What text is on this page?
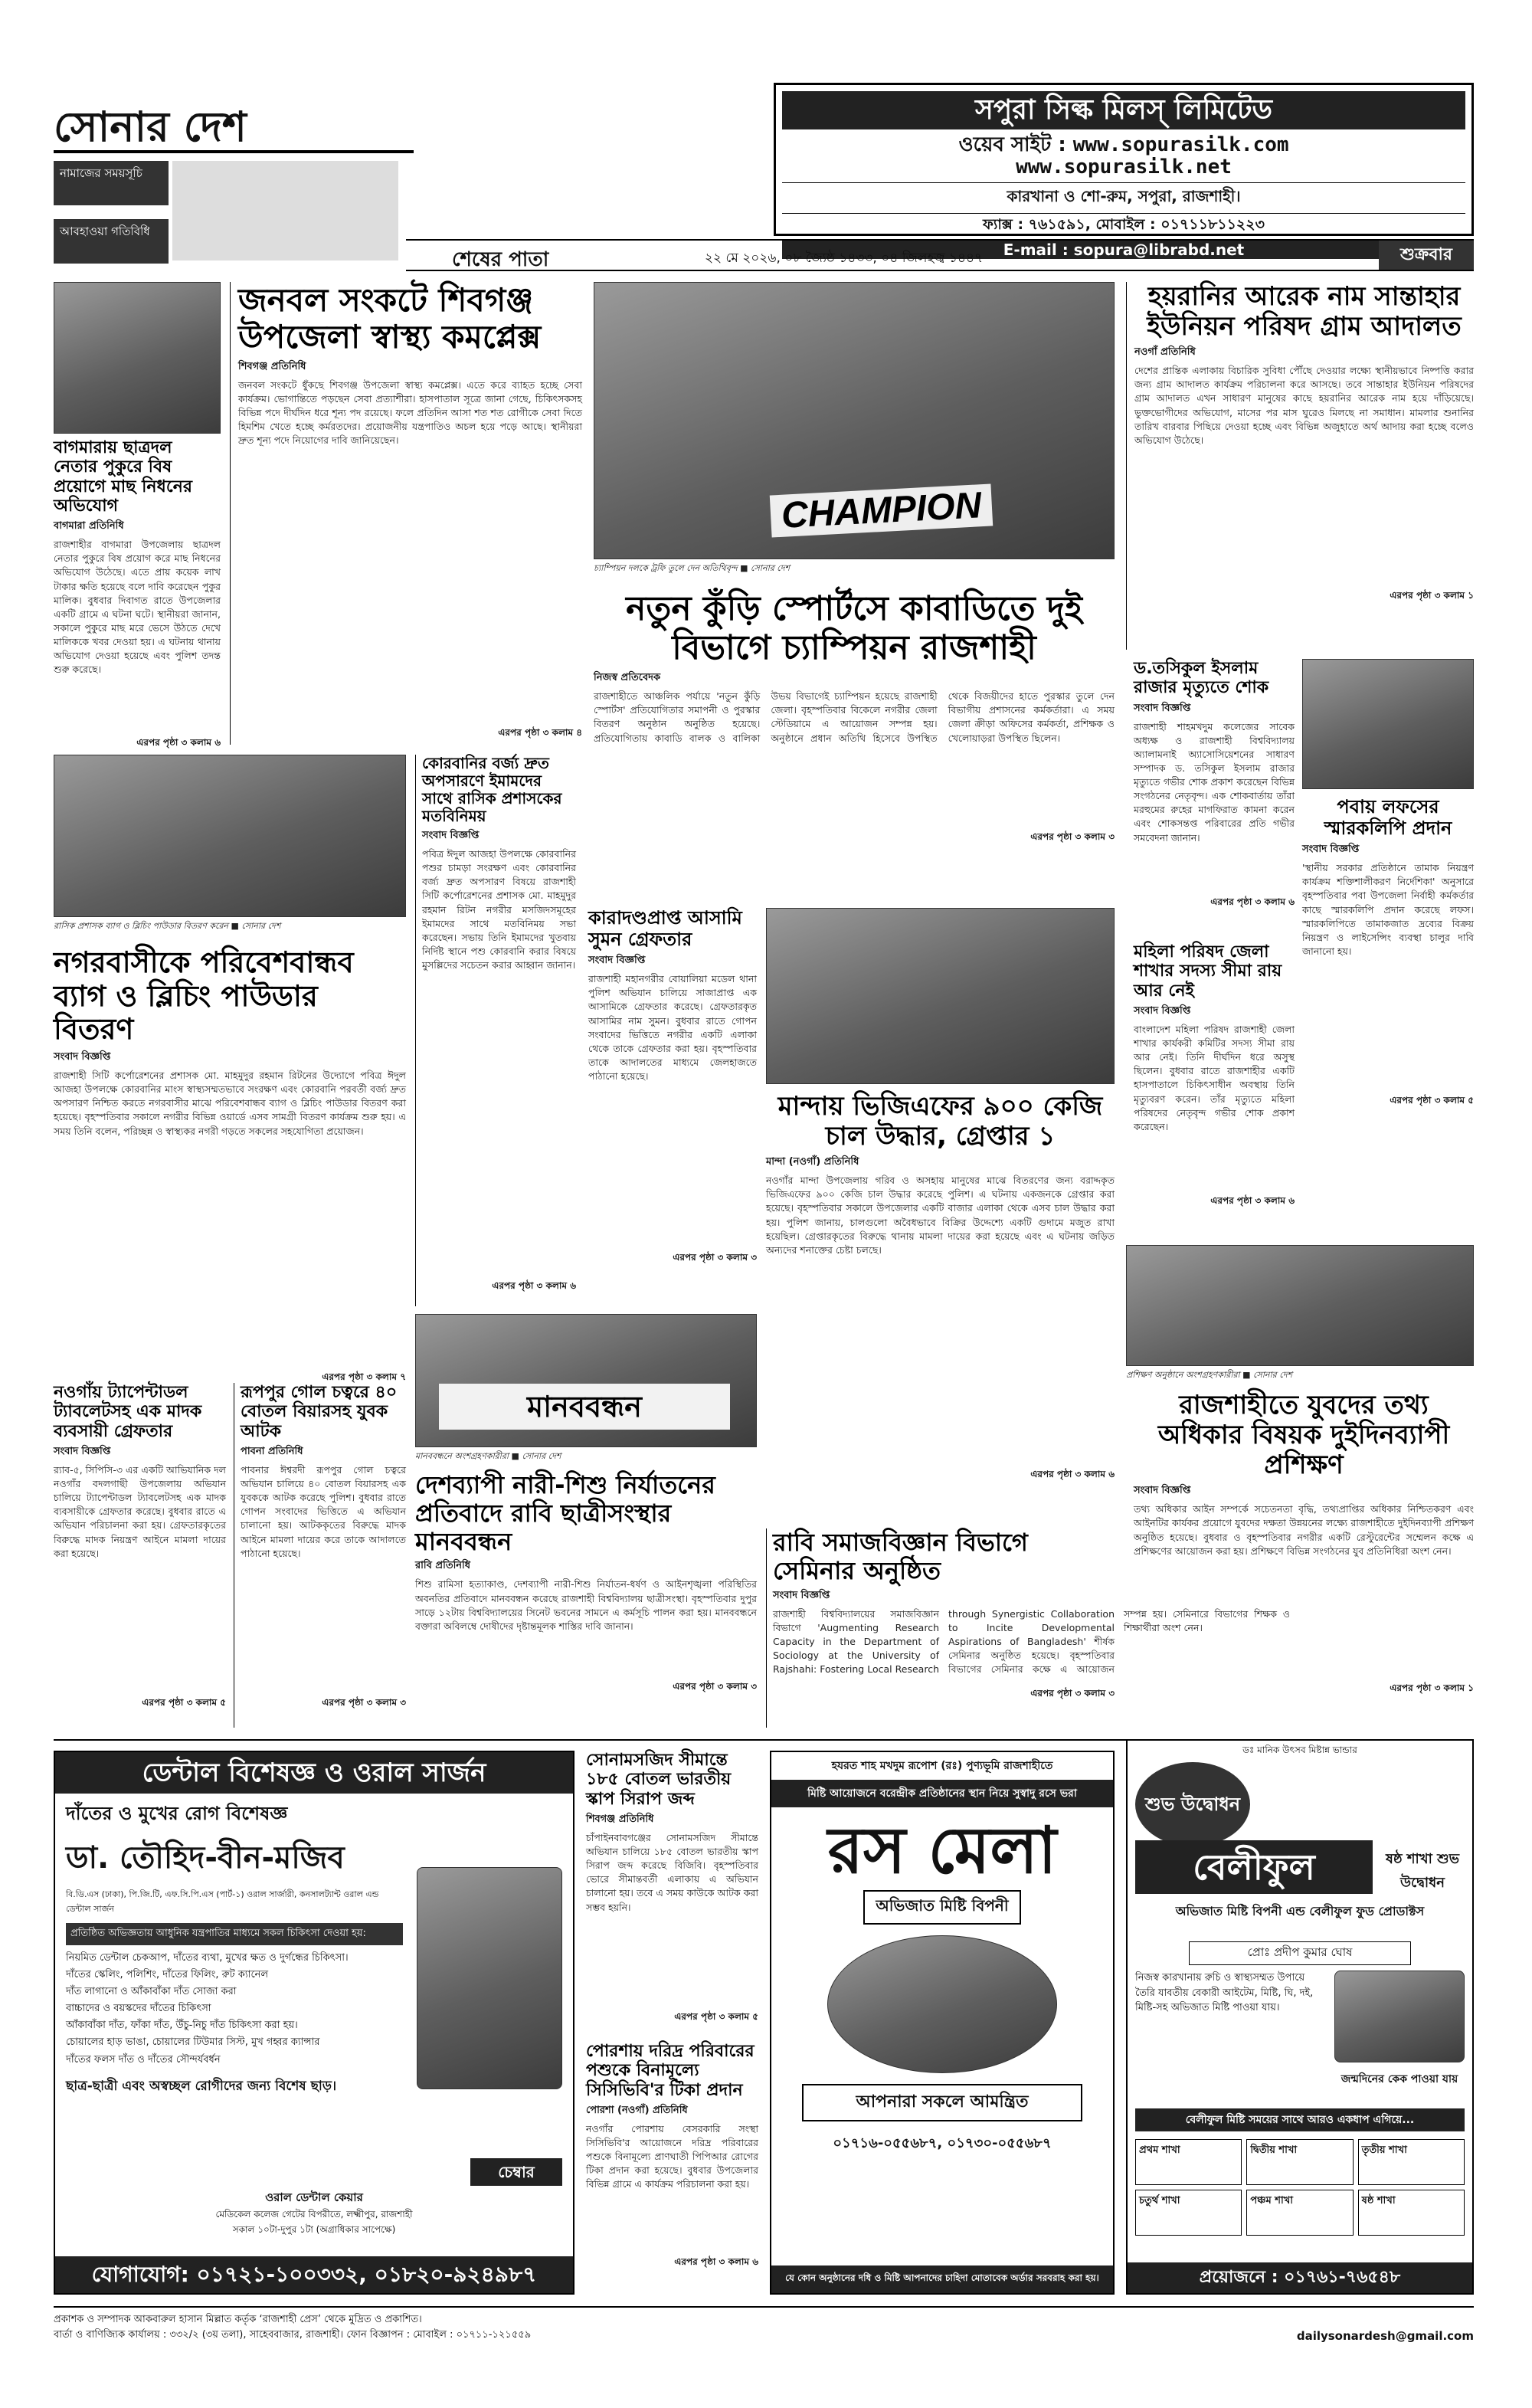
সোনার দেশ
নামাজের সময়সূচি
আবহাওয়া গতিবিধি
সপুরা সিল্ক মিলস্ লিমিটেড
ওয়েব সাইট : www.sopurasilk.com
www.sopurasilk.net
কারখানা ও শো-রুম, সপুরা, রাজশাহী।
ফ্যাক্স : ৭৬১৫৯১, মোবাইল : ০১৭১১৮১১২২৩
E-mail : sopura@librabd.net
শেষের পাতা	২২ মে ২০২৬, ০৮ জ্যৈষ্ঠ ১৪৩৩, ০৪ জিলহজ্ব ১৪৪৭	শুক্রবার
বাগমারায় ছাত্রদল নেতার পুকুরে বিষ প্রয়োগে মাছ নিধনের অভিযোগ
বাগমারা প্রতিনিধি
রাজশাহীর বাগমারা উপজেলায় ছাত্রদল নেতার পুকুরে বিষ প্রয়োগ করে মাছ নিধনের অভিযোগ উঠেছে। এতে প্রায় কয়েক লাখ টাকার ক্ষতি হয়েছে বলে দাবি করেছেন পুকুর মালিক। বুধবার দিবাগত রাতে উপজেলার একটি গ্রামে এ ঘটনা ঘটে। স্থানীয়রা জানান, সকালে পুকুরে মাছ মরে ভেসে উঠতে দেখে মালিককে খবর দেওয়া হয়। এ ঘটনায় থানায় অভিযোগ দেওয়া হয়েছে এবং পুলিশ তদন্ত শুরু করেছে।
এরপর পৃষ্ঠা ৩ কলাম ৬
জনবল সংকটে শিবগঞ্জ উপজেলা স্বাস্থ্য কমপ্লেক্স
শিবগঞ্জ প্রতিনিধি
জনবল সংকটে ধুঁকছে শিবগঞ্জ উপজেলা স্বাস্থ্য কমপ্লেক্স। এতে করে ব্যাহত হচ্ছে সেবা কার্যক্রম। ভোগান্তিতে পড়ছেন সেবা প্রত্যাশীরা। হাসপাতাল সূত্রে জানা গেছে, চিকিৎসকসহ বিভিন্ন পদে দীর্ঘদিন ধরে শূন্য পদ রয়েছে। ফলে প্রতিদিন আসা শত শত রোগীকে সেবা দিতে হিমশিম খেতে হচ্ছে কর্মরতদের। প্রয়োজনীয় যন্ত্রপাতিও অচল হয়ে পড়ে আছে। স্থানীয়রা দ্রুত শূন্য পদে নিয়োগের দাবি জানিয়েছেন।
এরপর পৃষ্ঠা ৩ কলাম ৪
CHAMPION
চ্যাম্পিয়ন দলকে ট্রফি তুলে দেন অতিথিবৃন্দ ■ সোনার দেশ
নতুন কুঁড়ি স্পোর্টসে কাবাডিতে দুই বিভাগে চ্যাম্পিয়ন রাজশাহী
নিজস্ব প্রতিবেদক
রাজশাহীতে আঞ্চলিক পর্যায়ে 'নতুন কুঁড়ি স্পোর্টস' প্রতিযোগিতার সমাপনী ও পুরস্কার বিতরণ অনুষ্ঠান অনুষ্ঠিত হয়েছে। প্রতিযোগিতায় কাবাডি বালক ও বালিকা উভয় বিভাগেই চ্যাম্পিয়ন হয়েছে রাজশাহী জেলা। বৃহস্পতিবার বিকেলে নগরীর জেলা স্টেডিয়ামে এ আয়োজন সম্পন্ন হয়। অনুষ্ঠানে প্রধান অতিথি হিসেবে উপস্থিত থেকে বিজয়ীদের হাতে পুরস্কার তুলে দেন বিভাগীয় প্রশাসনের কর্মকর্তারা। এ সময় জেলা ক্রীড়া অফিসের কর্মকর্তা, প্রশিক্ষক ও খেলোয়াড়রা উপস্থিত ছিলেন।
এরপর পৃষ্ঠা ৩ কলাম ৩
হয়রানির আরেক নাম সান্তাহার ইউনিয়ন পরিষদ গ্রাম আদালত
নওগাঁ প্রতিনিধি
দেশের প্রান্তিক এলাকায় বিচারিক সুবিধা পৌঁছে দেওয়ার লক্ষ্যে স্থানীয়ভাবে নিষ্পত্তি করার জন্য গ্রাম আদালত কার্যক্রম পরিচালনা করে আসছে। তবে সান্তাহার ইউনিয়ন পরিষদের গ্রাম আদালত এখন সাধারণ মানুষের কাছে হয়রানির আরেক নাম হয়ে দাঁড়িয়েছে। ভুক্তভোগীদের অভিযোগ, মাসের পর মাস ঘুরেও মিলছে না সমাধান। মামলার শুনানির তারিখ বারবার পিছিয়ে দেওয়া হচ্ছে এবং বিভিন্ন অজুহাতে অর্থ আদায় করা হচ্ছে বলেও অভিযোগ উঠেছে।
এরপর পৃষ্ঠা ৩ কলাম ১
ড.তসিকুল ইসলাম রাজার মৃত্যুতে শোক
সংবাদ বিজ্ঞপ্তি
রাজশাহী শাহমখদুম কলেজের সাবেক অধ্যক্ষ ও রাজশাহী বিশ্ববিদ্যালয় অ্যালামনাই অ্যাসোসিয়েশনের সাধারণ সম্পাদক ড. তসিকুল ইসলাম রাজার মৃত্যুতে গভীর শোক প্রকাশ করেছেন বিভিন্ন সংগঠনের নেতৃবৃন্দ। এক শোকবার্তায় তাঁরা মরহুমের রুহের মাগফিরাত কামনা করেন এবং শোকসন্তপ্ত পরিবারের প্রতি গভীর সমবেদনা জানান।
এরপর পৃষ্ঠা ৩ কলাম ৬
পবায় লফসের স্মারকলিপি প্রদান
সংবাদ বিজ্ঞপ্তি
'স্থানীয় সরকার প্রতিষ্ঠানে তামাক নিয়ন্ত্রণ কার্যক্রম শক্তিশালীকরণ নির্দেশিকা' অনুসারে বৃহস্পতিবার পবা উপজেলা নির্বাহী কর্মকর্তার কাছে স্মারকলিপি প্রদান করেছে লফস। স্মারকলিপিতে তামাকজাত দ্রব্যের বিক্রয় নিয়ন্ত্রণ ও লাইসেন্সিং ব্যবস্থা চালুর দাবি জানানো হয়।
এরপর পৃষ্ঠা ৩ কলাম ৫
মহিলা পরিষদ জেলা শাখার সদস্য সীমা রায় আর নেই
সংবাদ বিজ্ঞপ্তি
বাংলাদেশ মহিলা পরিষদ রাজশাহী জেলা শাখার কার্যকরী কমিটির সদস্য সীমা রায় আর নেই। তিনি দীর্ঘদিন ধরে অসুস্থ ছিলেন। বুধবার রাতে রাজশাহীর একটি হাসপাতালে চিকিৎসাধীন অবস্থায় তিনি মৃত্যুবরণ করেন। তাঁর মৃত্যুতে মহিলা পরিষদের নেতৃবৃন্দ গভীর শোক প্রকাশ করেছেন।
এরপর পৃষ্ঠা ৩ কলাম ৬
প্রশিক্ষণ অনুষ্ঠানে অংশগ্রহণকারীরা ■ সোনার দেশ
রাজশাহীতে যুবদের তথ্য অধিকার বিষয়ক দুইদিনব্যাপী প্রশিক্ষণ
সংবাদ বিজ্ঞপ্তি
তথ্য অধিকার আইন সম্পর্কে সচেতনতা বৃদ্ধি, তথ্যপ্রাপ্তির অধিকার নিশ্চিতকরণ এবং আইনটির কার্যকর প্রয়োগে যুবদের দক্ষতা উন্নয়নের লক্ষ্যে রাজশাহীতে দুইদিনব্যাপী প্রশিক্ষণ অনুষ্ঠিত হয়েছে। বুধবার ও বৃহস্পতিবার নগরীর একটি রেস্টুরেন্টের সম্মেলন কক্ষে এ প্রশিক্ষণের আয়োজন করা হয়। প্রশিক্ষণে বিভিন্ন সংগঠনের যুব প্রতিনিধিরা অংশ নেন।
এরপর পৃষ্ঠা ৩ কলাম ১
রাসিক প্রশাসক ব্যাগ ও ব্লিচিং পাউডার বিতরণ করেন ■ সোনার দেশ
নগরবাসীকে পরিবেশবান্ধব ব্যাগ ও ব্লিচিং পাউডার বিতরণ
সংবাদ বিজ্ঞপ্তি
রাজশাহী সিটি কর্পোরেশনের প্রশাসক মো. মাহমুদুর রহমান রিটনের উদ্যোগে পবিত্র ঈদুল আজহা উপলক্ষে কোরবানির মাংস স্বাস্থ্যসম্মতভাবে সংরক্ষণ এবং কোরবানি পরবর্তী বর্জ্য দ্রুত অপসারণ নিশ্চিত করতে নগরবাসীর মাঝে পরিবেশবান্ধব ব্যাগ ও ব্লিচিং পাউডার বিতরণ করা হয়েছে। বৃহস্পতিবার সকালে নগরীর বিভিন্ন ওয়ার্ডে এসব সামগ্রী বিতরণ কার্যক্রম শুরু হয়। এ সময় তিনি বলেন, পরিচ্ছন্ন ও স্বাস্থ্যকর নগরী গড়তে সকলের সহযোগিতা প্রয়োজন।
এরপর পৃষ্ঠা ৩ কলাম ৭
কোরবানির বর্জ্য দ্রুত অপসারণে ইমামদের সাথে রাসিক প্রশাসকের মতবিনিময়
সংবাদ বিজ্ঞপ্তি
পবিত্র ঈদুল আজহা উপলক্ষে কোরবানির পশুর চামড়া সংরক্ষণ এবং কোরবানির বর্জ্য দ্রুত অপসারণ বিষয়ে রাজশাহী সিটি কর্পোরেশনের প্রশাসক মো. মাহমুদুর রহমান রিটন নগরীর মসজিদসমূহের ইমামদের সাথে মতবিনিময় সভা করেছেন। সভায় তিনি ইমামদের খুতবায় নির্দিষ্ট স্থানে পশু কোরবানি করার বিষয়ে মুসল্লিদের সচেতন করার আহ্বান জানান।
এরপর পৃষ্ঠা ৩ কলাম ৬
কারাদণ্ডপ্রাপ্ত আসামি সুমন গ্রেফতার
সংবাদ বিজ্ঞপ্তি
রাজশাহী মহানগরীর বোয়ালিয়া মডেল থানা পুলিশ অভিযান চালিয়ে সাজাপ্রাপ্ত এক আসামিকে গ্রেফতার করেছে। গ্রেফতারকৃত আসামির নাম সুমন। বুধবার রাতে গোপন সংবাদের ভিত্তিতে নগরীর একটি এলাকা থেকে তাকে গ্রেফতার করা হয়। বৃহস্পতিবার তাকে আদালতের মাধ্যমে জেলহাজতে পাঠানো হয়েছে।
এরপর পৃষ্ঠা ৩ কলাম ৩
মান্দায় ভিজিএফের ৯০০ কেজি চাল উদ্ধার, গ্রেপ্তার ১
মান্দা (নওগাঁ) প্রতিনিধি
নওগাঁর মান্দা উপজেলায় গরিব ও অসহায় মানুষের মাঝে বিতরণের জন্য বরাদ্দকৃত ভিজিএফের ৯০০ কেজি চাল উদ্ধার করেছে পুলিশ। এ ঘটনায় একজনকে গ্রেপ্তার করা হয়েছে। বৃহস্পতিবার সকালে উপজেলার একটি বাজার এলাকা থেকে এসব চাল উদ্ধার করা হয়। পুলিশ জানায়, চালগুলো অবৈধভাবে বিক্রির উদ্দেশ্যে একটি গুদামে মজুত রাখা হয়েছিল। গ্রেপ্তারকৃতের বিরুদ্ধে থানায় মামলা দায়ের করা হয়েছে এবং এ ঘটনায় জড়িত অন্যদের শনাক্তের চেষ্টা চলছে।
এরপর পৃষ্ঠা ৩ কলাম ৬
মানববন্ধন
মানববন্ধনে অংশগ্রহণকারীরা ■ সোনার দেশ
দেশব্যাপী নারী-শিশু নির্যাতনের প্রতিবাদে রাবি ছাত্রীসংস্থার মানববন্ধন
রাবি প্রতিনিধি
শিশু রামিসা হত্যাকাণ্ড, দেশব্যাপী নারী-শিশু নির্যাতন-ধর্ষণ ও আইনশৃঙ্খলা পরিস্থিতির অবনতির প্রতিবাদে মানববন্ধন করেছে রাজশাহী বিশ্ববিদ্যালয় ছাত্রীসংস্থা। বৃহস্পতিবার দুপুর সাড়ে ১২টায় বিশ্ববিদ্যালয়ের সিনেট ভবনের সামনে এ কর্মসূচি পালন করা হয়। মানববন্ধনে বক্তারা অবিলম্বে দোষীদের দৃষ্টান্তমূলক শাস্তির দাবি জানান।
এরপর পৃষ্ঠা ৩ কলাম ৩
নওগাঁয় ট্যাপেন্টাডল ট্যাবলেটসহ এক মাদক ব্যবসায়ী গ্রেফতার
সংবাদ বিজ্ঞপ্তি
র‍্যাব-৫, সিপিসি-৩ এর একটি আভিযানিক দল নওগাঁর বদলগাছী উপজেলায় অভিযান চালিয়ে ট্যাপেন্টাডল ট্যাবলেটসহ এক মাদক ব্যবসায়ীকে গ্রেফতার করেছে। বুধবার রাতে এ অভিযান পরিচালনা করা হয়। গ্রেফতারকৃতের বিরুদ্ধে মাদক নিয়ন্ত্রণ আইনে মামলা দায়ের করা হয়েছে।
এরপর পৃষ্ঠা ৩ কলাম ৫
রূপপুর গোল চত্বরে ৪০ বোতল বিয়ারসহ যুবক আটক
পাবনা প্রতিনিধি
পাবনার ঈশ্বরদী রূপপুর গোল চত্বরে অভিযান চালিয়ে ৪০ বোতল বিয়ারসহ এক যুবককে আটক করেছে পুলিশ। বুধবার রাতে গোপন সংবাদের ভিত্তিতে এ অভিযান চালানো হয়। আটককৃতের বিরুদ্ধে মাদক আইনে মামলা দায়ের করে তাকে আদালতে পাঠানো হয়েছে।
এরপর পৃষ্ঠা ৩ কলাম ৩
রাবি সমাজবিজ্ঞান বিভাগে সেমিনার অনুষ্ঠিত
সংবাদ বিজ্ঞপ্তি
রাজশাহী বিশ্ববিদ্যালয়ের সমাজবিজ্ঞান বিভাগে 'Augmenting Research Capacity in the Department of Sociology at the University of Rajshahi: Fostering Local Research through Synergistic Collaboration to Incite Developmental Aspirations of Bangladesh' শীর্ষক সেমিনার অনুষ্ঠিত হয়েছে। বৃহস্পতিবার বিভাগের সেমিনার কক্ষে এ আয়োজন সম্পন্ন হয়। সেমিনারে বিভাগের শিক্ষক ও শিক্ষার্থীরা অংশ নেন।
এরপর পৃষ্ঠা ৩ কলাম ৩
ডেন্টাল বিশেষজ্ঞ ও ওরাল সার্জন
দাঁতের ও মুখের রোগ বিশেষজ্ঞ
ডা. তৌহিদ-বীন-মজিব
বি.ডি.এস (ঢাকা), পি.জি.টি, এফ.সি.পি.এস (পার্ট-১) ওরাল সার্জারী, কনসালট্যান্ট ওরাল এন্ড ডেন্টাল সার্জন
প্রতিষ্ঠিত অভিজ্ঞতায় আধুনিক যন্ত্রপাতির মাধ্যমে সকল চিকিৎসা দেওয়া হয়:
নিয়মিত ডেন্টাল চেকআপ, দাঁতের ব্যথা, মুখের ক্ষত ও দুর্গন্ধের চিকিৎসা।
দাঁতের স্কেলিং, পলিশিং, দাঁতের ফিলিং, রুট ক্যানেল
দাঁত লাগানো ও আঁকাবাঁকা দাঁত সোজা করা
বাচ্চাদের ও বয়স্কদের দাঁতের চিকিৎসা
আঁকাবাঁকা দাঁত, ফাঁকা দাঁত, উঁচু-নিচু দাঁত চিকিৎসা করা হয়।
চোয়ালের হাড় ভাঙা, চোয়ালের টিউমার সিস্ট, মুখ গহ্বর ক্যান্সার
দাঁতের ফলস দাঁত ও দাঁতের সৌন্দর্যবর্ধন
ছাত্র-ছাত্রী এবং অস্বচ্ছল রোগীদের জন্য বিশেষ ছাড়।
চেম্বার
ওরাল ডেন্টাল কেয়ার
মেডিকেল কলেজ গেটের বিপরীতে, লক্ষ্মীপুর, রাজশাহী
সকাল ১০টা-দুপুর ১টা (অগ্রাধিকার সাপেক্ষে)
যোগাযোগ: ০১৭২১-১০০৩৩২, ০১৮২০-৯২৪৯৮৭
সোনামসজিদ সীমান্তে ১৮৫ বোতল ভারতীয় স্কাপ সিরাপ জব্দ
শিবগঞ্জ প্রতিনিধি
চাঁপাইনবাবগঞ্জের সোনামসজিদ সীমান্তে অভিযান চালিয়ে ১৮৫ বোতল ভারতীয় স্কাপ সিরাপ জব্দ করেছে বিজিবি। বৃহস্পতিবার ভোরে সীমান্তবর্তী এলাকায় এ অভিযান চালানো হয়। তবে এ সময় কাউকে আটক করা সম্ভব হয়নি।
এরপর পৃষ্ঠা ৩ কলাম ৫
পোরশায় দরিদ্র পরিবারের পশুকে বিনামূল্যে সিসিভিবি'র টিকা প্রদান
পোরশা (নওগাঁ) প্রতিনিধি
নওগাঁর পোরশায় বেসরকারি সংস্থা সিসিভিবি'র আয়োজনে দরিদ্র পরিবারের পশুকে বিনামূল্যে প্রাণঘাতী পিপিআর রোগের টিকা প্রদান করা হয়েছে। বুধবার উপজেলার বিভিন্ন গ্রামে এ কার্যক্রম পরিচালনা করা হয়।
এরপর পৃষ্ঠা ৩ কলাম ৬
হযরত শাহ মখদুম রূপোশ (রঃ) পুণ্যভূমি রাজশাহীতে
মিষ্টি আয়োজনে বরেন্দ্রীক প্রতিষ্ঠানের স্থান নিয়ে সুস্বাদু রসে ভরা
রস মেলা
অভিজাত মিষ্টি বিপনী
আপনারা সকলে আমন্ত্রিত
০১৭১৬-০৫৫৬৮৭, ০১৭৩০-০৫৫৬৮৭
যে কোন অনুষ্ঠানের দধি ও মিষ্টি আপনাদের চাহিদা মোতাবেক অর্ডার সরবরাহ করা হয়।
ডঃ মানিক উৎসব মিষ্টান্ন ভান্ডার
শুভ উদ্বোধন
বেলীফুল	ষষ্ঠ শাখা শুভ উদ্বোধন
অভিজাত মিষ্টি বিপনী এন্ড বেলীফুল ফুড প্রোডাক্টস
প্রোঃ প্রদীপ কুমার ঘোষ
নিজস্ব কারখানায় রুচি ও স্বাস্থ্যসম্মত উপায়ে তৈরি যাবতীয় বেকারী আইটেম, মিষ্টি, ঘি, দই, মিষ্টি-সহ অভিজাত মিষ্টি পাওয়া যায়।
জন্মদিনের কেক পাওয়া যায়
বেলীফুল মিষ্টি সময়ের সাথে আরও একধাপ এগিয়ে...
প্রথম শাখা	দ্বিতীয় শাখা	তৃতীয় শাখা
চতুর্থ শাখা	পঞ্চম শাখা	ষষ্ঠ শাখা
প্রয়োজনে : ০১৭৬১-৭৬৫৪৮
প্রকাশক ও সম্পাদক আকবারুল হাসান মিল্লাত কর্তৃক ‘রাজশাহী প্রেস’ থেকে মুদ্রিত ও প্রকাশিত।
বার্তা ও বাণিজ্যিক কার্যালয় : ৩৩২/২ (৩য় তলা), সাহেববাজার, রাজশাহী। ফোন বিজ্ঞাপন : মোবাইল : ০১৭১১-১২১৫৫৯	dailysonardesh@gmail.com
